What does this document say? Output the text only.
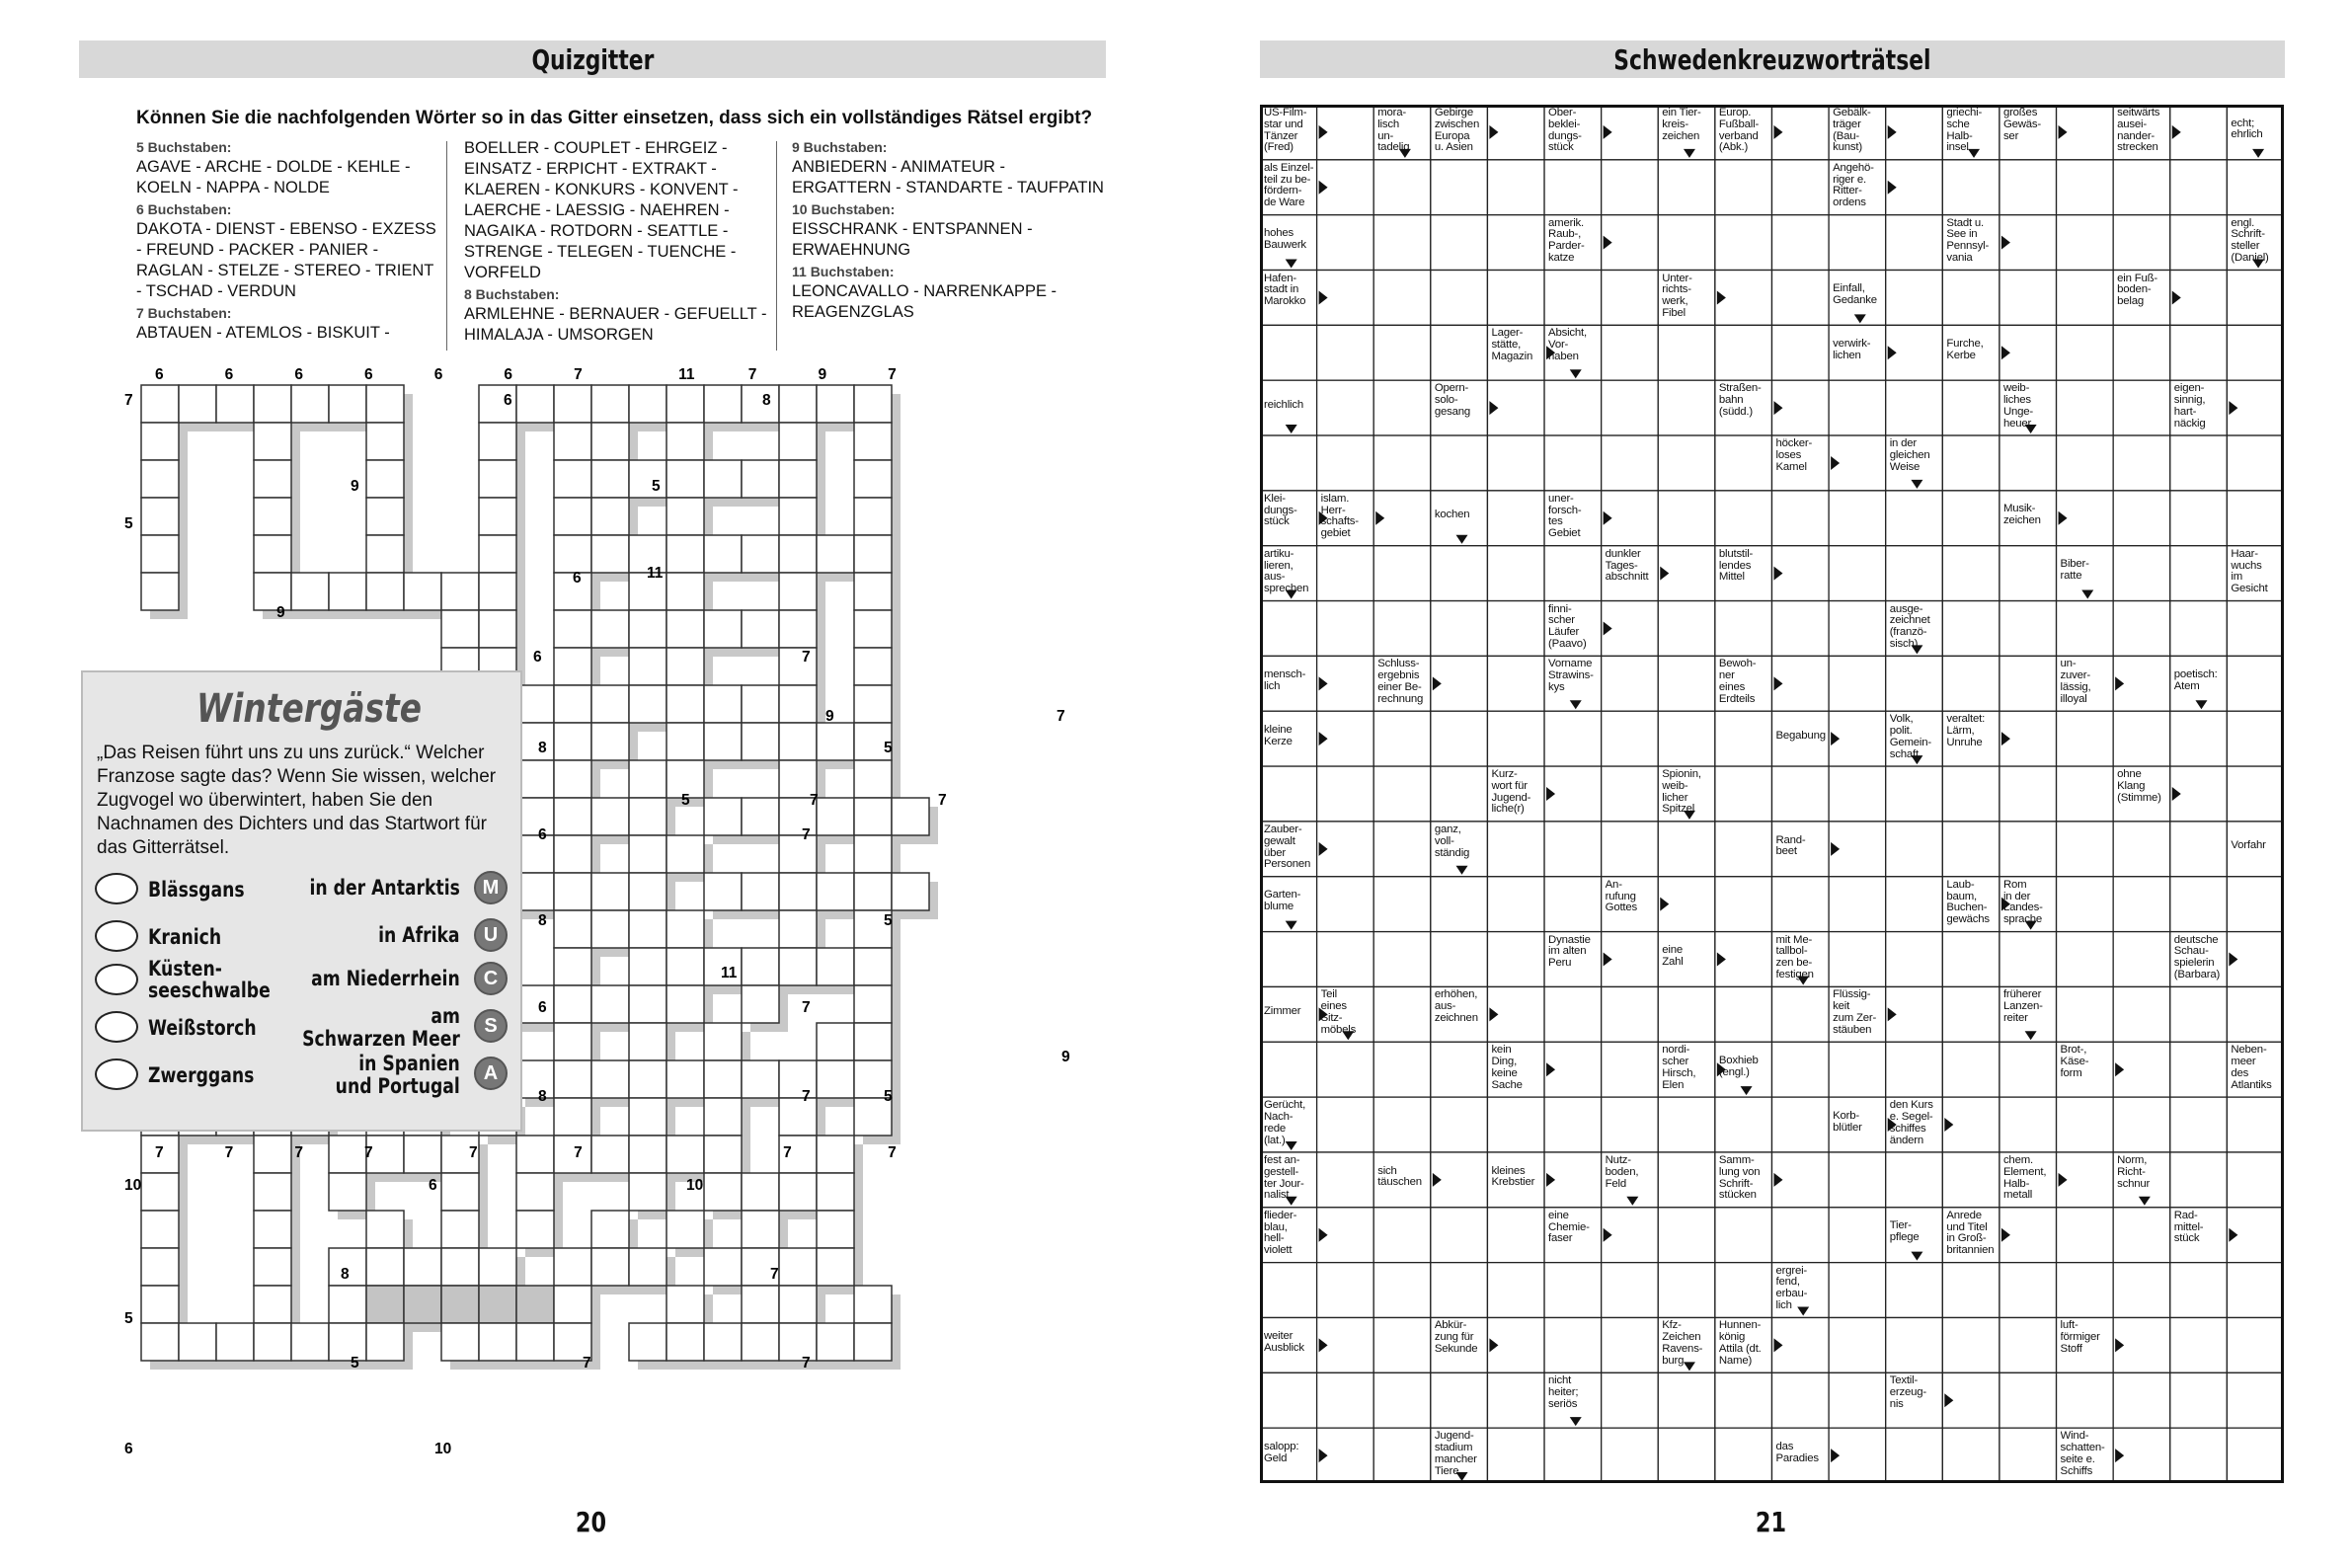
Quizgitter
Können Sie die nachfolgenden Wörter so in das Gitter einsetzen, dass sich ein vollständiges Rätsel ergibt?
5 Buchstaben:
AGAVE - ARCHE - DOLDE - KEHLE - KOELN - NAPPA - NOLDE
6 Buchstaben:
DAKOTA - DIENST - EBENSO - EXZESS - FREUND - PACKER - PANIER - RAGLAN - STELZE - STEREO - TRIENT - TSCHAD - VERDUN
7 Buchstaben:
ABTAUEN - ATEMLOS - BISKUIT -
BOELLER - COUPLET - EHRGEIZ - EINSATZ - ERPICHT - EXTRAKT - KLAEREN - KONKURS - KONVENT - LAERCHE - LAESSIG - NAEHREN - NAGAIKA - ROTDORN - SEATTLE - STRENGE - TELEGEN - TUENCHE - VORFELD
8 Buchstaben:
ARMLEHNE - BERNAUER - GEFUELLT - HIMALAJA - UMSORGEN
9 Buchstaben:
ANBIEDERN - ANIMATEUR - ERGATTERN - STANDARTE - TAUFPATIN
10 Buchstaben:
EISSCHRANK - ENTSPANNEN - ERWAEHNUNG
11 Buchstaben:
LEONCAVALLO - NARRENKAPPE - REAGENZGLAS
6	6	6	6	6	6	7	11	7	9	7
7	7	7	7	7	7	7	7
7	6	8
5
9	5
6	11
9
6	7
9	7
8	5
5	7
6	7
7
8	5
11
6	7
9
8	5
7
6	10
10
8	7
5
5	7	7
6	10
Wintergäste
„Das Reisen führt uns zu uns zurück.“ Welcher Franzose sagte das? Wenn Sie wissen, welcher Zugvogel wo überwintert, haben Sie den Nachnamen des Dichters und das Startwort für das Gitterrätsel.
Blässgans	in der Antarktis	M
Kranich	in Afrika	U
Küsten-
seeschwalbe am Niederrhein	C
Weißstorch	am
Schwarzen Meer
S
Zwerggans	in Spanien
und Portugal
A
20
Schwedenkreuzworträtsel
US-Film-
star und
Tänzer
(Fred)
mora-
lisch
un-
tadelig
Gebirge
zwischen
Europa
u. Asien
Ober-
beklei-
dungs-
stück
ein Tier-
kreis-
zeichen
Europ.
Fußball-
verband
(Abk.)
Gebälk-
träger
(Bau-
kunst)
griechi-
sche
Halb-
insel
großes
Gewäs-
ser
seitwärts
ausei-
nander-
strecken
echt;
ehrlich
als Einzel-
teil zu be-
fördern-
de Ware
Angehö-
riger e.
Ritter-
ordens
hohes
Bauwerk
amerik.
Raub-,
Parder-
katze
Stadt u.
See in
Pennsyl-
vania
engl.
Schrift-
steller
(Daniel)
Hafen-
stadt in
Marokko
Unter-
richts-
werk,
Fibel
Einfall,
Gedanke
ein Fuß-
boden-
belag
Lager-
stätte,
Magazin
Absicht,
Vor-
haben
verwirk-
lichen
Furche,
Kerbe
reichlich
Opern-
solo-
gesang
Straßen-
bahn
(südd.)
weib-
liches
Unge-
heuer
eigen-
sinnig,
hart-
näckig
höcker-
loses
Kamel
in der
gleichen
Weise
Klei-
dungs-
stück
islam.
Herr-
schafts-
gebiet
kochen
uner-
forsch-
tes
Gebiet
Musik-
zeichen
artiku-
lieren,
aus-
sprechen
dunkler
Tages-
abschnitt
blutstil-
lendes
Mittel
Biber-
ratte
Haar-
wuchs
im
Gesicht
finni-
scher
Läufer
(Paavo)
ausge-
zeichnet
(franzö-
sisch)
mensch-
lich
Schluss-
ergebnis
einer Be-
rechnung
Vorname
Strawins-
kys
Bewoh-
ner
eines
Erdteils
un-
zuver-
lässig,
illoyal
poetisch:
Atem
kleine
Kerze	Begabung
Volk,
polit.
Gemein-
schaft
veraltet:
Lärm,
Unruhe
Kurz-
wort für
Jugend-
liche(r)
Spionin,
weib-
licher
Spitzel
ohne
Klang
(Stimme)
Zauber-
gewalt
über
Personen
ganz,
voll-
ständig
Rand-
beet	Vorfahr
Garten-
blume
An-
rufung
Gottes
Laub-
baum,
Buchen-
gewächs
Rom
in der
Landes-
sprache
Dynastie
im alten
Peru
eine
Zahl
mit Me-
tallbol-
zen be-
festigen
deutsche
Schau-
spielerin
(Barbara)
Zimmer
Teil
eines
Sitz-
möbels
erhöhen,
aus-
zeichnen
Flüssig-
keit
zum Zer-
stäuben
früherer
Lanzen-
reiter
kein
Ding,
keine
Sache
nordi-
scher
Hirsch,
Elen
Boxhieb
(engl.)
Brot-,
Käse-
form
Neben-
meer
des
Atlantiks
Gerücht,
Nach-
rede
(lat.)
Korb-
blütler
den Kurs
e. Segel-
schiffes
ändern
fest an-
gestell-
ter Jour-
nalist
sich
täuschen
kleines
Krebstier
Nutz-
boden,
Feld
Samm-
lung von
Schrift-
stücken
chem.
Element,
Halb-
metall
Norm,
Richt-
schnur
flieder-
blau,
hell-
violett
eine
Chemie-
faser
Tier-
pflege
Anrede
und Titel
in Groß-
britannien
Rad-
mittel-
stück
ergrei-
fend,
erbau-
lich
weiter
Ausblick
Abkür-
zung für
Sekunde
Kfz-
Zeichen
Ravens-
burg
Hunnen-
könig
Attila (dt.
Name)
luft-
förmiger
Stoff
nicht
heiter;
seriös
Textil-
erzeug-
nis
salopp:
Geld
Jugend-
stadium
mancher
Tiere
das
Paradies
Wind-
schatten-
seite e.
Schiffs
21
